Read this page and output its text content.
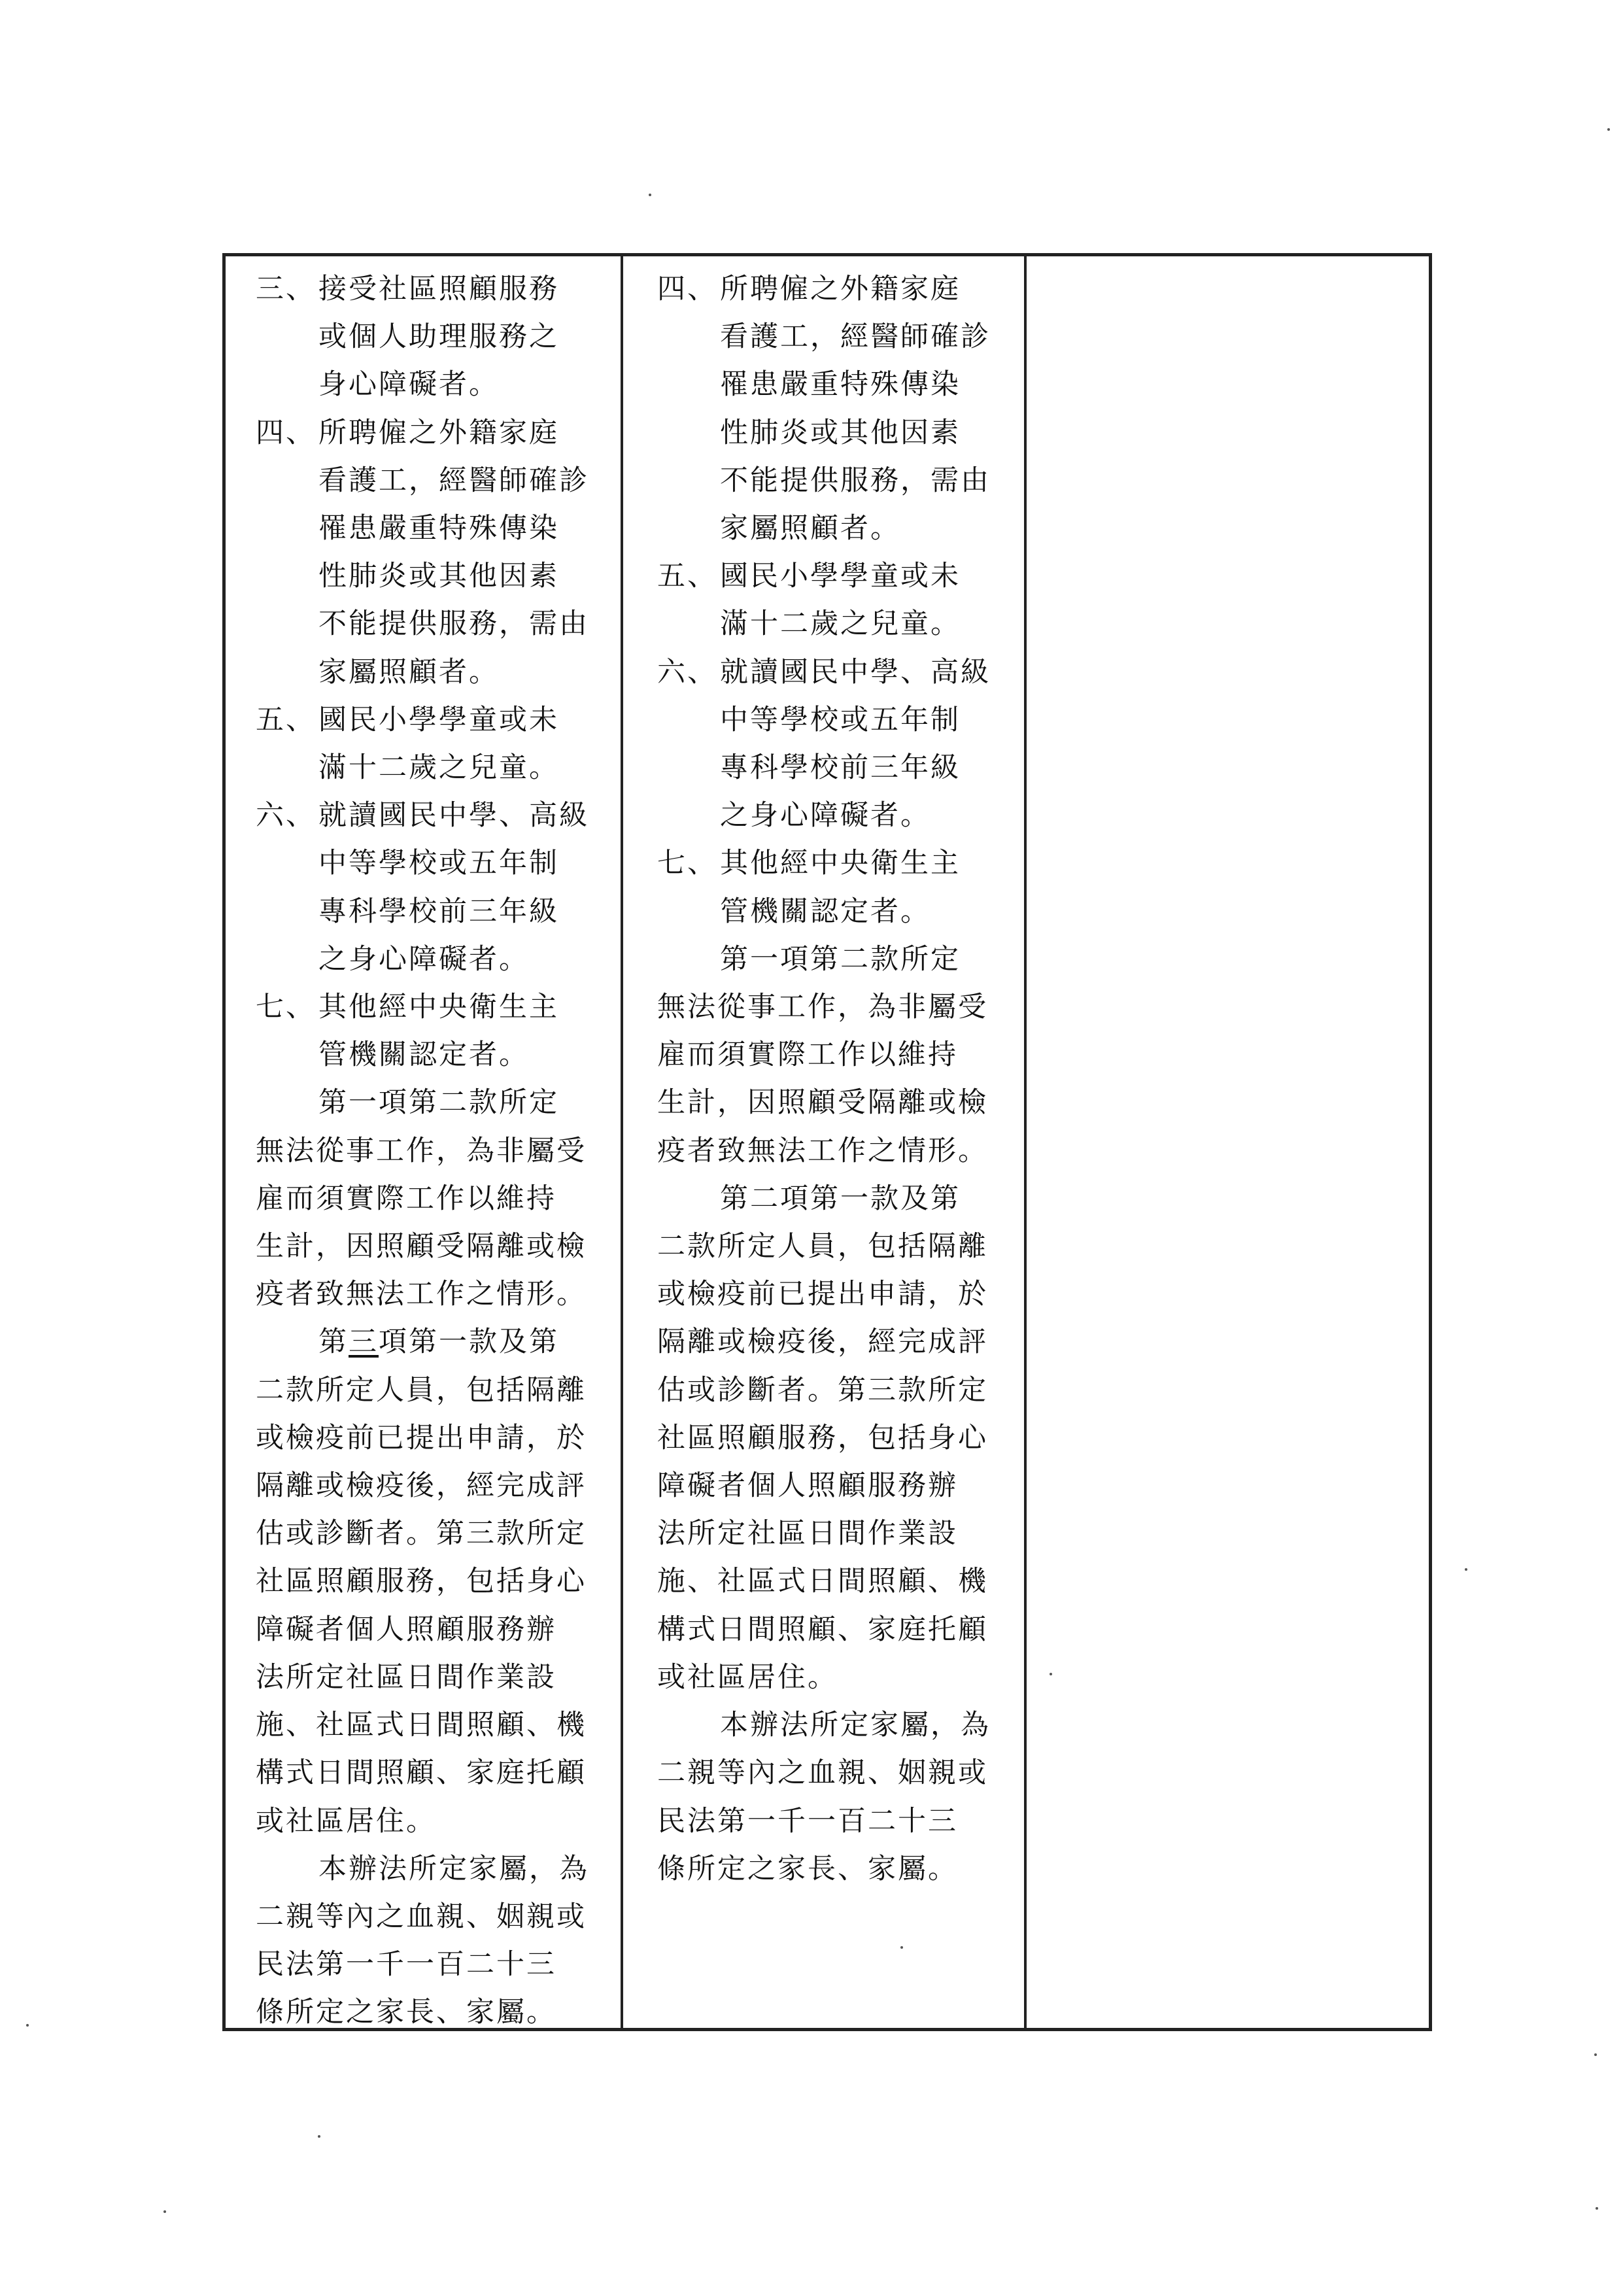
三、 接受社區照顧服務
或個人助理服務之
身心障礙者。
四、 所聘僱之外籍家庭
看護工，經醫師確診
罹患嚴重特殊傳染
性肺炎或其他因素
不能提供服務，需由
家屬照顧者。
五、 國民小學學童或未
滿十二歲之兒童。
六、 就讀國民中學、高級
中等學校或五年制
專科學校前三年級
之身心障礙者。
七、 其他經中央衛生主
管機關認定者。
第一項第二款所定
無法從事工作，為非屬受
雇而須實際工作以維持
生計，因照顧受隔離或檢
疫者致無法工作之情形。
第三項第一款及第
二款所定人員，包括隔離
或檢疫前已提出申請，於
隔離或檢疫後，經完成評
估或診斷者。第三款所定
社區照顧服務，包括身心
障礙者個人照顧服務辦
法所定社區日間作業設
施、社區式日間照顧、機
構式日間照顧、家庭托顧
或社區居住。
本辦法所定家屬，為
二親等內之血親、姻親或
民法第一千一百二十三
條所定之家長、家屬。
四、 所聘僱之外籍家庭
看護工，經醫師確診
罹患嚴重特殊傳染
性肺炎或其他因素
不能提供服務，需由
家屬照顧者。
五、 國民小學學童或未
滿十二歲之兒童。
六、 就讀國民中學、高級
中等學校或五年制
專科學校前三年級
之身心障礙者。
七、 其他經中央衛生主
管機關認定者。
第一項第二款所定
無法從事工作，為非屬受
雇而須實際工作以維持
生計，因照顧受隔離或檢
疫者致無法工作之情形。
第二項第一款及第
二款所定人員，包括隔離
或檢疫前已提出申請，於
隔離或檢疫後，經完成評
估或診斷者。第三款所定
社區照顧服務，包括身心
障礙者個人照顧服務辦
法所定社區日間作業設
施、社區式日間照顧、機
構式日間照顧、家庭托顧
或社區居住。
本辦法所定家屬，為
二親等內之血親、姻親或
民法第一千一百二十三
條所定之家長、家屬。
